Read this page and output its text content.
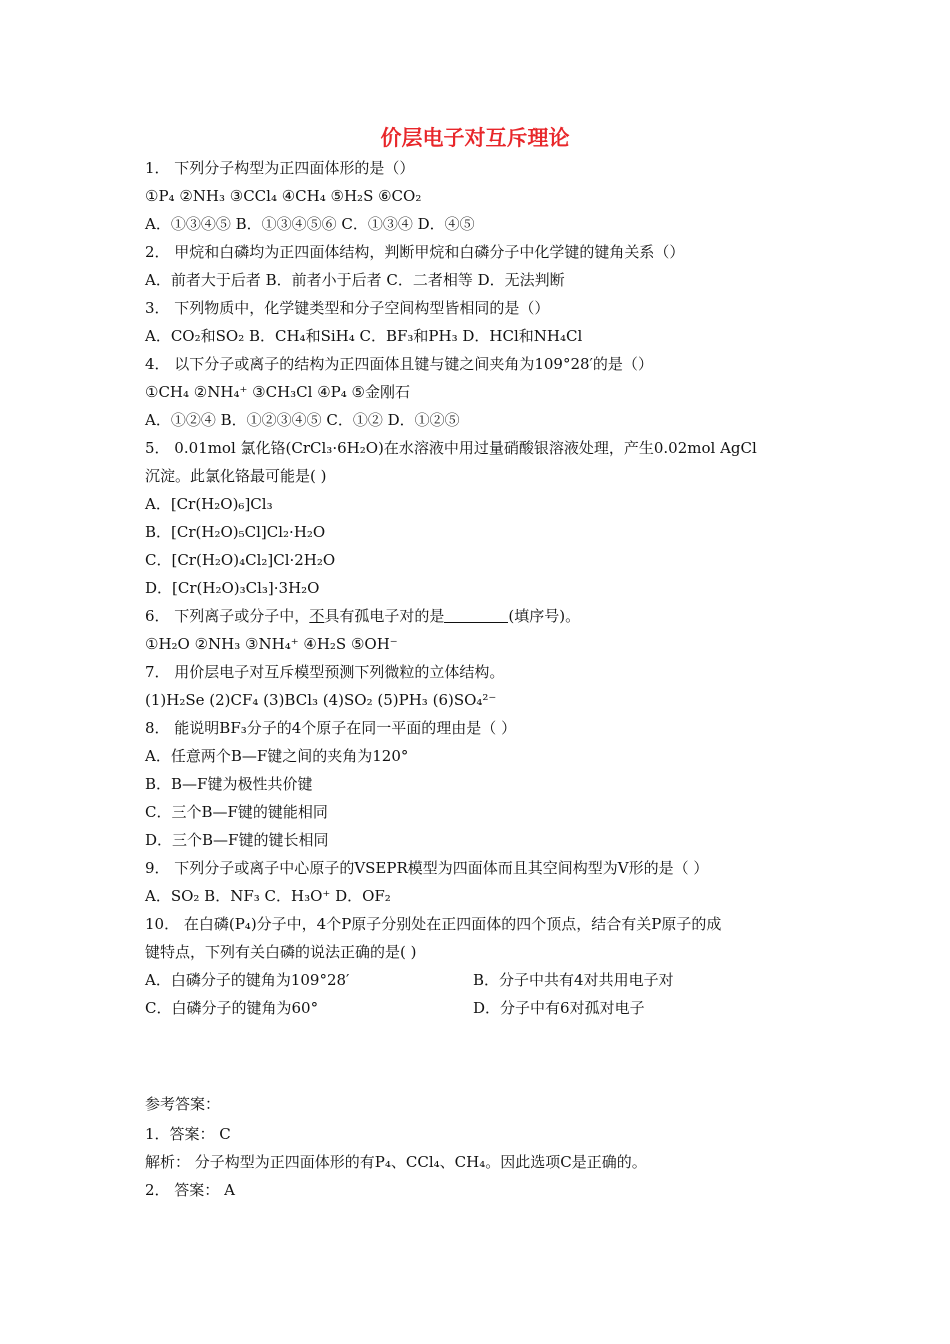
价层电子对互斥理论
1． 下列分子构型为正四面体形的是（）
①P₄ ②NH₃ ③CCl₄ ④CH₄ ⑤H₂S ⑥CO₂
A．①③④⑤ B．①③④⑤⑥ C．①③④ D．④⑤
2． 甲烷和白磷均为正四面体结构，判断甲烷和白磷分子中化学键的键角关系（）
A．前者大于后者 B．前者小于后者 C．二者相等 D．无法判断
3． 下列物质中，化学键类型和分子空间构型皆相同的是（）
A．CO₂和SO₂ B．CH₄和SiH₄ C．BF₃和PH₃ D．HCl和NH₄Cl
4． 以下分子或离子的结构为正四面体且键与键之间夹角为109°28′的是（）
①CH₄ ②NH₄⁺ ③CH₃Cl ④P₄ ⑤金刚石
A．①②④ B．①②③④⑤ C．①② D．①②⑤
5． 0.01mol 氯化铬(CrCl₃·6H₂O)在水溶液中用过量硝酸银溶液处理，产生0.02mol AgCl
沉淀。此氯化铬最可能是( )
A．[Cr(H₂O)₆]Cl₃
B．[Cr(H₂O)₅Cl]Cl₂·H₂O
C．[Cr(H₂O)₄Cl₂]Cl·2H₂O
D．[Cr(H₂O)₃Cl₃]·3H₂O
6． 下列离子或分子中，不具有孤电子对的是	(填序号)。
①H₂O ②NH₃ ③NH₄⁺ ④H₂S ⑤OH⁻
7． 用价层电子对互斥模型预测下列微粒的立体结构。
(1)H₂Se (2)CF₄ (3)BCl₃ (4)SO₂ (5)PH₃ (6)SO₄²⁻
8． 能说明BF₃分子的4个原子在同一平面的理由是（ ）
A．任意两个B—F键之间的夹角为120°
B．B—F键为极性共价键
C．三个B—F键的键能相同
D．三个B—F键的键长相同
9． 下列分子或离子中心原子的VSEPR模型为四面体而且其空间构型为V形的是（ ）
A．SO₂ B．NF₃ C．H₃O⁺ D．OF₂
10． 在白磷(P₄)分子中，4个P原子分别处在正四面体的四个顶点，结合有关P原子的成
键特点，下列有关白磷的说法正确的是( )
A．白磷分子的键角为109°28′	B．分子中共有4对共用电子对
C．白磷分子的键角为60°	D．分子中有6对孤对电子
参考答案：
1．答案： C
解析： 分子构型为正四面体形的有P₄、CCl₄、CH₄。因此选项C是正确的。
2． 答案： A
